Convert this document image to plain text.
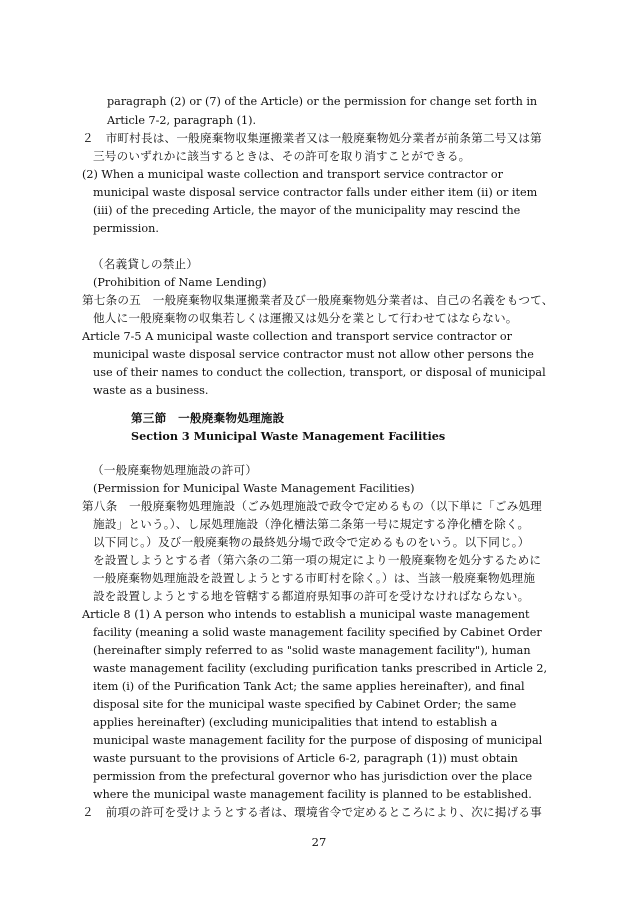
paragraph (2) or (7) of the Article) or the permission for change set forth in
Article 7-2, paragraph (1).
２　市町村長は、一般廃棄物収集運搬業者又は一般廃棄物処分業者が前条第二号又は第
三号のいずれかに該当するときは、その許可を取り消すことができる。
(2) When a municipal waste collection and transport service contractor or
municipal waste disposal service contractor falls under either item (ii) or item
(iii) of the preceding Article, the mayor of the municipality may rescind the
permission.
（名義貸しの禁止）
(Prohibition of Name Lending)
第七条の五　一般廃棄物収集運搬業者及び一般廃棄物処分業者は、自己の名義をもつて、
他人に一般廃棄物の収集若しくは運搬又は処分を業として行わせてはならない。
Article 7-5 A municipal waste collection and transport service contractor or
municipal waste disposal service contractor must not allow other persons the
use of their names to conduct the collection, transport, or disposal of municipal
waste as a business.
第三節　一般廃棄物処理施設
Section 3 Municipal Waste Management Facilities
（一般廃棄物処理施設の許可）
(Permission for Municipal Waste Management Facilities)
第八条　一般廃棄物処理施設（ごみ処理施設で政令で定めるもの（以下単に「ごみ処理
施設」という。）、し尿処理施設（浄化槽法第二条第一号に規定する浄化槽を除く。
以下同じ。）及び一般廃棄物の最終処分場で政令で定めるものをいう。以下同じ。）
を設置しようとする者（第六条の二第一項の規定により一般廃棄物を処分するために
一般廃棄物処理施設を設置しようとする市町村を除く。）は、当該一般廃棄物処理施
設を設置しようとする地を管轄する都道府県知事の許可を受けなければならない。
Article 8 (1) A person who intends to establish a municipal waste management
facility (meaning a solid waste management facility specified by Cabinet Order
(hereinafter simply referred to as "solid waste management facility"), human
waste management facility (excluding purification tanks prescribed in Article 2,
item (i) of the Purification Tank Act; the same applies hereinafter), and final
disposal site for the municipal waste specified by Cabinet Order; the same
applies hereinafter) (excluding municipalities that intend to establish a
municipal waste management facility for the purpose of disposing of municipal
waste pursuant to the provisions of Article 6-2, paragraph (1)) must obtain
permission from the prefectural governor who has jurisdiction over the place
where the municipal waste management facility is planned to be established.
２　前項の許可を受けようとする者は、環境省令で定めるところにより、次に掲げる事
27
